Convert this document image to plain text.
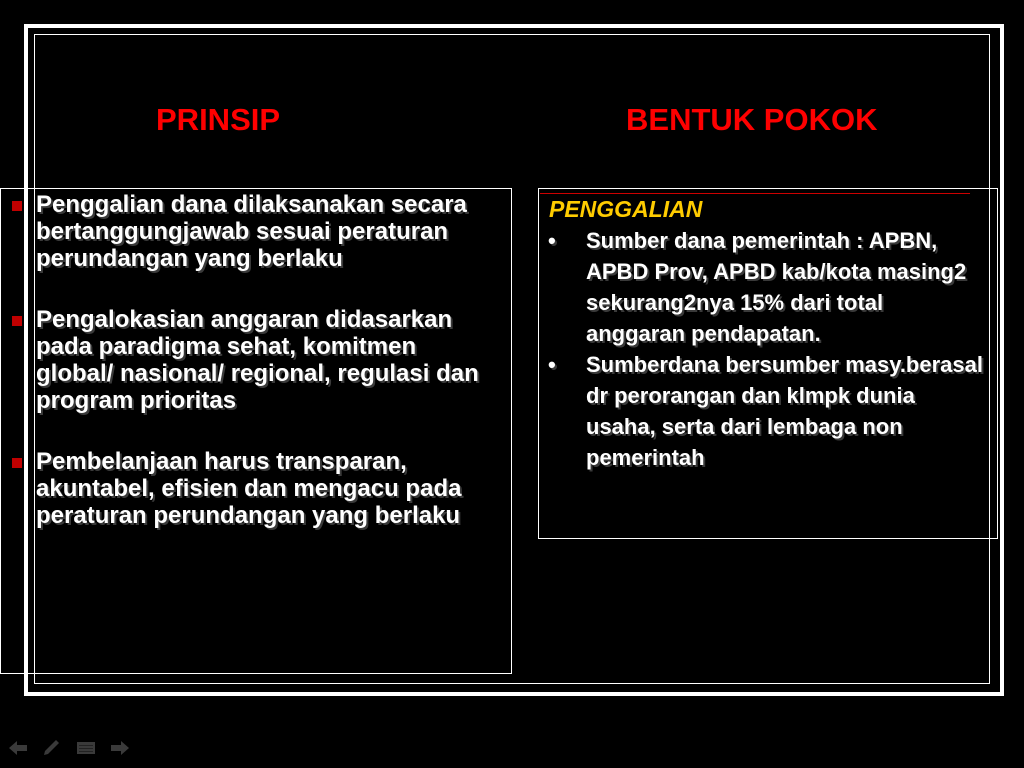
PRINSIP	BENTUK POKOK
Penggalian dana dilaksanakan secara bertanggungjawab sesuai peraturan perundangan yang berlaku
Pengalokasian anggaran didasarkan pada paradigma sehat, komitmen global/ nasional/ regional, regulasi dan program prioritas
Pembelanjaan harus transparan, akuntabel, efisien dan mengacu pada peraturan perundangan yang berlaku
PENGGALIAN
• Sumber dana pemerintah : APBN, APBD Prov, APBD kab/kota masing2 sekurang2nya 15% dari total anggaran pendapatan.
• Sumberdana bersumber masy.berasal dr perorangan dan klmpk dunia usaha, serta dari lembaga non pemerintah
